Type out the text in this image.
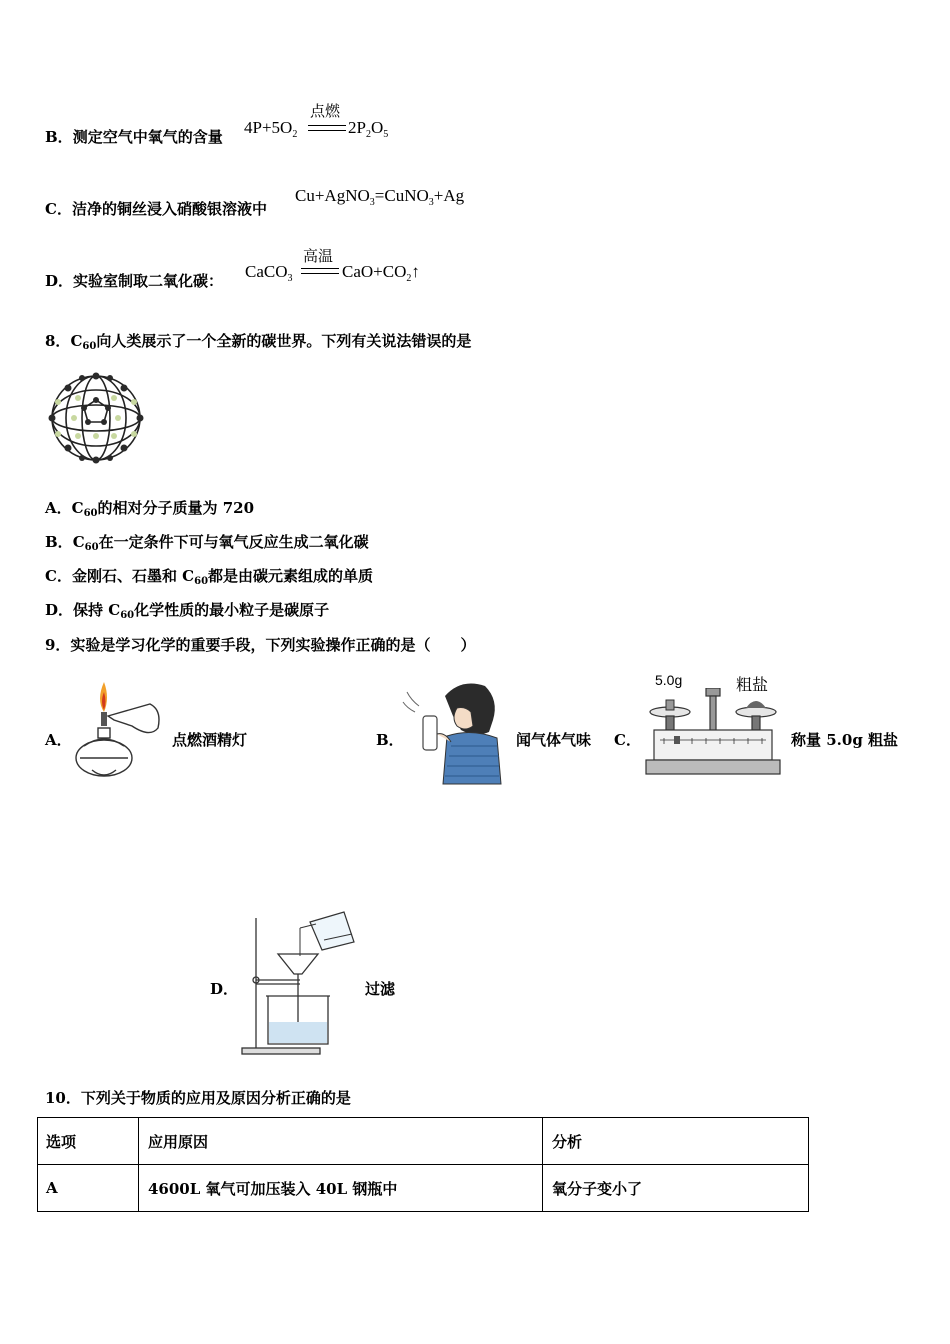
B．测定空气中氧气的含量 $4P+5O_2$
点燃
$2P_2O_5$
C．洁净的铜丝浸入硝酸银溶液中
Cu+AgNO$_3$=CuNO$_3$+Ag
D．实验室制取二氧化碳： CaCO$_3$
高温
$CaO+CO_2↑$
8．$C_{60}$向人类展示了一个全新的碳世界。下列有关说法错误的是
A．$C_{60}$的相对分子质量为 720
B．$C_{60}$在一定条件下可与氧气反应生成二氧化碳
C．金刚石、石墨和 $C_{60}$都是由碳元素组成的单质
D．保持 $C_{60}$化学性质的最小粒子是碳原子
9．实验是学习化学的重要手段，下列实验操作正确的是（　　）
A．	点燃酒精灯	B．	闻气体气味 C．
5.0g	粗盐
称量 5.0g 粗盐
D．	过滤
10．下列关于物质的应用及原因分析正确的是
选项	应用原因	分析
A	4600L 氧气可加压装入 40L 钢瓶中	氧分子变小了
